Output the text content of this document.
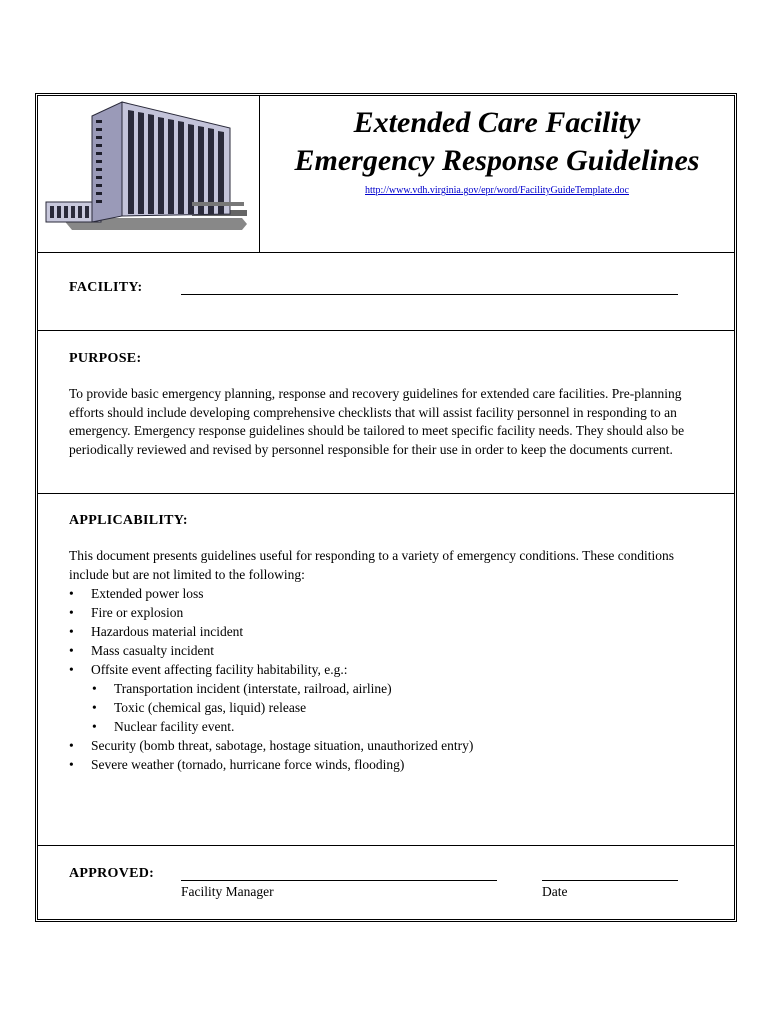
Extended Care Facility
Emergency Response Guidelines
http://www.vdh.virginia.gov/epr/word/FacilityGuideTemplate.doc
FACILITY:
PURPOSE:
To provide basic emergency planning, response and recovery guidelines for extended care facilities. Pre-planning efforts should include developing comprehensive checklists that will assist facility personnel in responding to an emergency. Emergency response guidelines should be tailored to meet specific facility needs. They should also be periodically reviewed and revised by personnel responsible for their use in order to keep the documents current.
APPLICABILITY:
This document presents guidelines useful for responding to a variety of emergency conditions. These conditions include but are not limited to the following:
• Extended power loss
• Fire or explosion
• Hazardous material incident
• Mass casualty incident
• Offsite event affecting facility habitability, e.g.:
• Transportation incident (interstate, railroad, airline)
• Toxic (chemical gas, liquid) release
• Nuclear facility event.
• Security (bomb threat, sabotage, hostage situation, unauthorized entry)
• Severe weather (tornado, hurricane force winds, flooding)
APPROVED:
Facility Manager	Date
